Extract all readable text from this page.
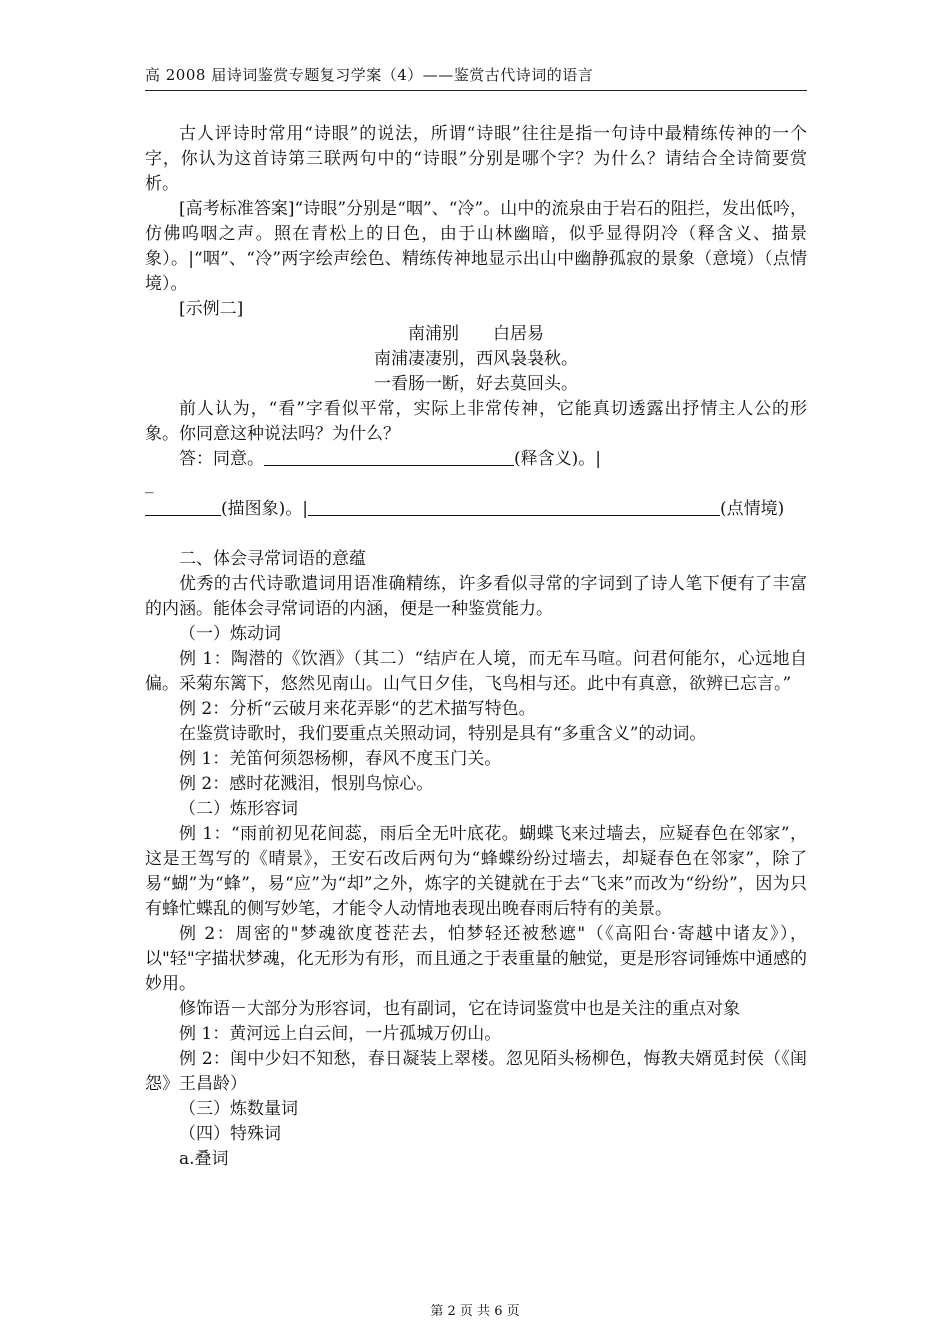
高 2008 届诗词鉴赏专题复习学案（4）——鉴赏古代诗词的语言

古人评诗时常用“诗眼”的说法，所谓“诗眼”往往是指一句诗中最精练传神的一个字，你认为这首诗第三联两句中的“诗眼”分别是哪个字？为什么？请结合全诗简要赏析。

[高考标准答案]“诗眼”分别是“咽”、“冷”。山中的流泉由于岩石的阻拦，发出低吟，仿佛呜咽之声。照在青松上的日色，由于山林幽暗，似乎显得阴冷（释含义、描景象）。|“咽”、“冷”两字绘声绘色、精练传神地显示出山中幽静孤寂的景象（意境）（点情境）。

[示例二]

南浦别　　白居易

南浦凄凄别，西风袅袅秋。

一看肠一断，好去莫回头。

前人认为，“看”字看似平常，实际上非常传神，它能真切透露出抒情主人公的形象。你同意这种说法吗？为什么？

答：同意。	(释含义)。|

_

(描图象)。|	(点情境)

二、体会寻常词语的意蕴

优秀的古代诗歌遣词用语准确精练，许多看似寻常的字词到了诗人笔下便有了丰富的内涵。能体会寻常词语的内涵，便是一种鉴赏能力。

（一）炼动词

例 1：陶潜的《饮酒》（其二）“结庐在人境，而无车马喧。问君何能尔，心远地自偏。采菊东篱下，悠然见南山。山气日夕佳，飞鸟相与还。此中有真意，欲辨已忘言。”

例 2：分析“云破月来花弄影“的艺术描写特色。

在鉴赏诗歌时，我们要重点关照动词，特别是具有“多重含义”的动词。

例 1：羌笛何须怨杨柳，春风不度玉门关。

例 2：感时花溅泪，恨别鸟惊心。

（二）炼形容词

例 1：“雨前初见花间蕊，雨后全无叶底花。蝴蝶飞来过墙去，应疑春色在邻家”，这是王驾写的《晴景》，王安石改后两句为“蜂蝶纷纷过墙去，却疑春色在邻家”，除了易“蝴”为“蜂”，易“应”为“却”之外，炼字的关键就在于去“飞来”而改为“纷纷”，因为只有蜂忙蝶乱的侧写妙笔，才能令人动情地表现出晚春雨后特有的美景。

例 2：周密的"梦魂欲度苍茫去，怕梦轻还被愁遮"（《高阳台·寄越中诸友》），以"轻"字描状梦魂，化无形为有形，而且通之于表重量的触觉，更是形容词锤炼中通感的妙用。

修饰语－大部分为形容词，也有副词，它在诗词鉴赏中也是关注的重点对象

例 1：黄河远上白云间，一片孤城万仞山。

例 2：闺中少妇不知愁，春日凝装上翠楼。忽见陌头杨柳色，悔教夫婿觅封侯（《闺怨》王昌龄）

（三）炼数量词

（四）特殊词

a.叠词

第 2 页 共 6 页
